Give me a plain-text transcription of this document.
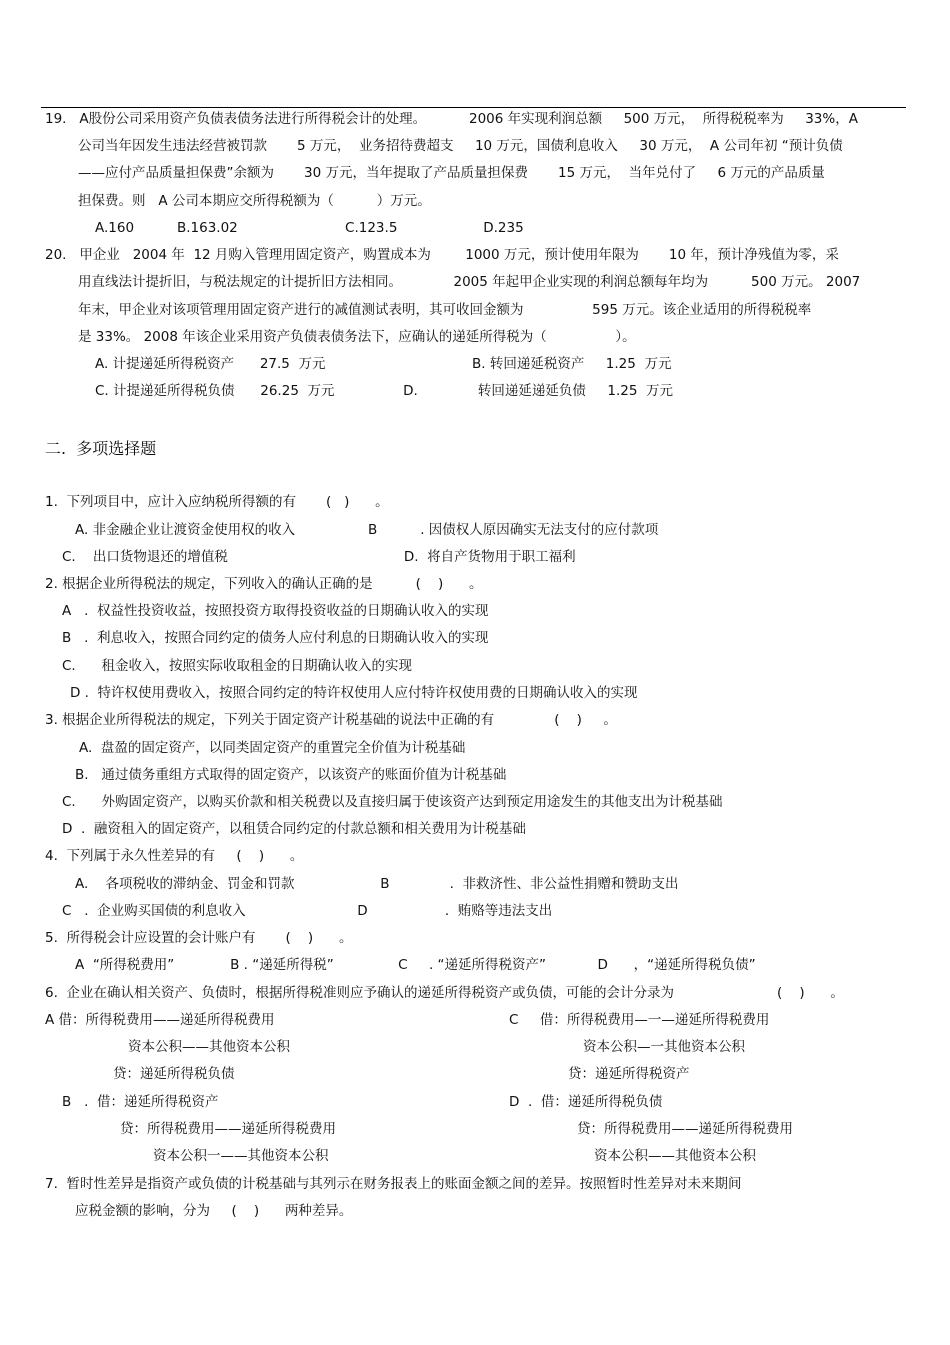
19.   A股份公司采用资产负债表债务法进行所得税会计的处理。          2006 年实现利润总额     500 万元，  所得税税率为     33%，A
公司当年因发生违法经营被罚款       5 万元，  业务招待费超支     10 万元，国债利息收入     30 万元，  A 公司年初 “预计负债
——应付产品质量担保费”余额为       30 万元，当年提取了产品质量担保费       15 万元，  当年兑付了     6 万元的产品质量
担保费。则   A 公司本期应交所得税额为（          ）万元。
A.160          B.163.02                         C.123.5                    D.235
20.   甲企业   2004 年  12 月购入管理用固定资产，购置成本为        1000 万元，预计使用年限为       10 年，预计净残值为零，采
用直线法计提折旧，与税法规定的计提折旧方法相同。            2005 年起甲企业实现的利润总额每年均为          500 万元。 2007
年末，甲企业对该项管理用固定资产进行的减值测试表明，其可收回金额为                595 万元。该企业适用的所得税税率
是 33%。 2008 年该企业采用资产负债表债务法下，应确认的递延所得税为（                ）。
A. 计提递延所得税资产      27.5  万元	B. 转回递延税资产     1.25  万元
C. 计提递延所得税负债      26.25  万元                D.              转回递延递延负债     1.25  万元
二.  多项选择题
1.  下列项目中，应计入应纳税所得额的有       (   )      。
A. 非金融企业让渡资金使用权的收入                 B          . 因债权人原因确实无法支付的应付款项
C.    出口货物退还的增值税                                         D.  将自产货物用于职工福利
2. 根据企业所得税法的规定，下列收入的确认正确的是          (    )      。
A   .  权益性投资收益，按照投资方取得投资收益的日期确认收入的实现
B   .  利息收入，按照合同约定的债务人应付利息的日期确认收入的实现
C.      租金收入，按照实际收取租金的日期确认收入的实现
D .  特许权使用费收入，按照合同约定的特许权使用人应付特许权使用费的日期确认收入的实现
3. 根据企业所得税法的规定，下列关于固定资产计税基础的说法中正确的有              (    )     。
A.  盘盈的固定资产，以同类固定资产的重置完全价值为计税基础
B.   通过债务重组方式取得的固定资产，以该资产的账面价值为计税基础
C.      外购固定资产，以购买价款和相关税费以及直接归属于使该资产达到预定用途发生的其他支出为计税基础
D  .  融资租入的固定资产，以租赁合同约定的付款总额和相关费用为计税基础
4.  下列属于永久性差异的有     (    )      。
A.    各项税收的滞纳金、罚金和罚款                    B              .  非救济性、非公益性捐赠和赞助支出
C   .  企业购买国债的利息收入                          D                  .  贿赂等违法支出
5.  所得税会计应设置的会计账户有       (    )      。
A  “所得税费用”             B . “递延所得税”               C     . “递延所得税资产”            D      ，“递延所得税负债”
6.  企业在确认相关资产、负债时，根据所得税准则应予确认的递延所得税资产或负债，可能的会计分录为                        (    )      。
A 借：所得税费用——递延所得税费用	C     借：所得税费用—一—递延所得税费用
资本公积——其他资本公积	资本公积—一其他资本公积
贷：递延所得税负债	贷：递延所得税资产
B   .  借：递延所得税资产	D  .  借：递延所得税负债
贷：所得税费用——递延所得税费用	贷：所得税费用——递延所得税费用
资本公积一——其他资本公积	资本公积——其他资本公积
7.  暂时性差异是指资产或负债的计税基础与其列示在财务报表上的账面金额之间的差异。按照暂时性差异对未来期间
应税金额的影响，分为     (    )      两种差异。
